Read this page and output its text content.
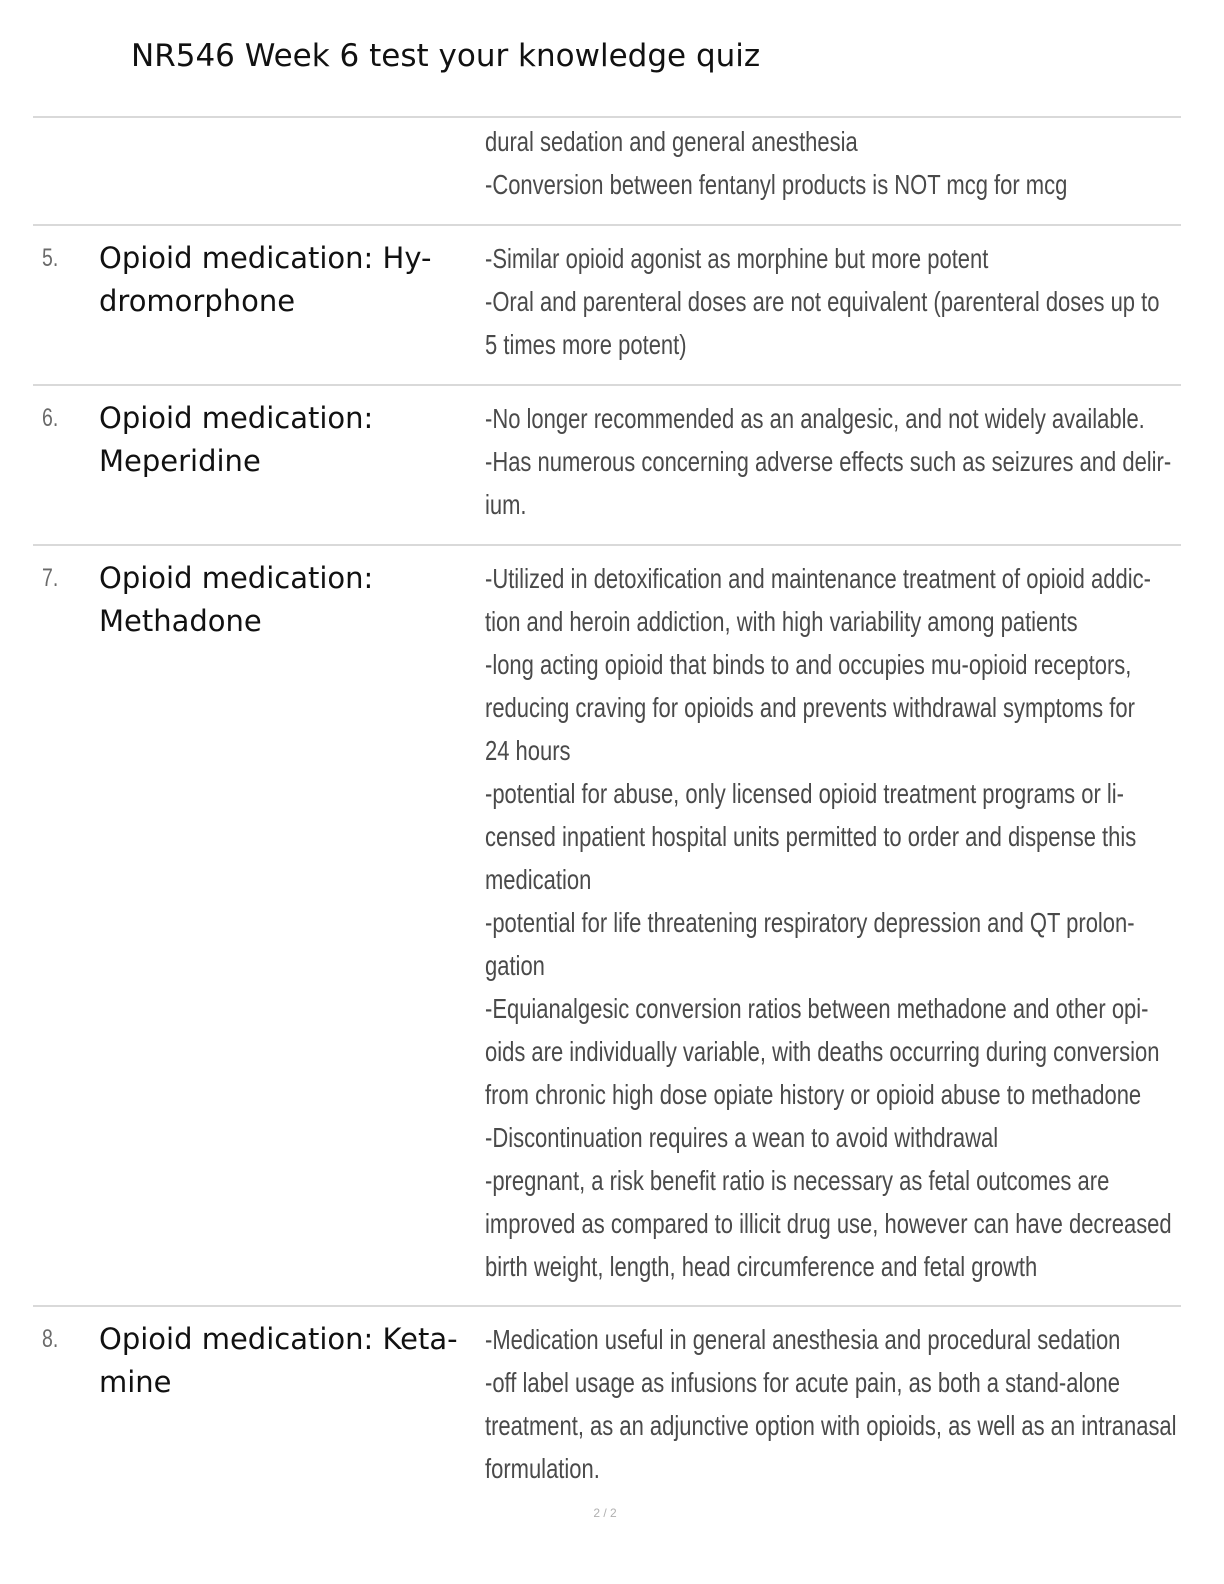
NR546 Week 6 test your knowledge quiz
dural sedation and general anesthesia
-Conversion between fentanyl products is NOT mcg for mcg
5. Opioid medication: Hy-
dromorphone
-Similar opioid agonist as morphine but more potent
-Oral and parenteral doses are not equivalent (parenteral doses up to
5 times more potent)
6. Opioid medication:
Meperidine
-No longer recommended as an analgesic, and not widely available.
-Has numerous concerning adverse effects such as seizures and delir-
ium.
7. Opioid medication:
Methadone
-Utilized in detoxification and maintenance treatment of opioid addic-
tion and heroin addiction, with high variability among patients
-long acting opioid that binds to and occupies mu-opioid receptors,
reducing craving for opioids and prevents withdrawal symptoms for
24 hours
-potential for abuse, only licensed opioid treatment programs or li-
censed inpatient hospital units permitted to order and dispense this
medication
-potential for life threatening respiratory depression and QT prolon-
gation
-Equianalgesic conversion ratios between methadone and other opi-
oids are individually variable, with deaths occurring during conversion
from chronic high dose opiate history or opioid abuse to methadone
-Discontinuation requires a wean to avoid withdrawal
-pregnant, a risk benefit ratio is necessary as fetal outcomes are
improved as compared to illicit drug use, however can have decreased
birth weight, length, head circumference and fetal growth
8. Opioid medication: Keta-
mine
-Medication useful in general anesthesia and procedural sedation
-off label usage as infusions for acute pain, as both a stand-alone
treatment, as an adjunctive option with opioids, as well as an intranasal
formulation.
2 / 2
